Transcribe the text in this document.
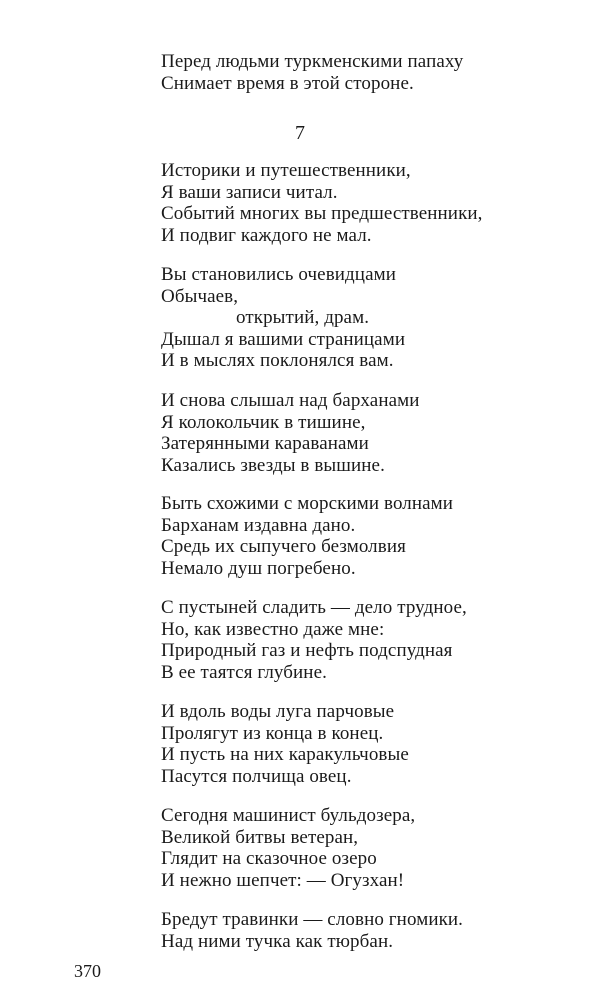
Перед людьми туркменскими папаху
Снимает время в этой стороне.
7
Историки и путешественники,
Я ваши записи читал.
Событий многих вы предшественники,
И подвиг каждого не мал.
Вы становились очевидцами
Обычаев,
открытий, драм.
Дышал я вашими страницами
И в мыслях поклонялся вам.
И снова слышал над барханами
Я колокольчик в тишине,
Затерянными караванами
Казались звезды в вышине.
Быть схожими с морскими волнами
Барханам издавна дано.
Средь их сыпучего безмолвия
Немало душ погребено.
С пустыней сладить — дело трудное,
Но, как известно даже мне:
Природный газ и нефть подспудная
В ее таятся глубине.
И вдоль воды луга парчовые
Пролягут из конца в конец.
И пусть на них каракульчовые
Пасутся полчища овец.
Сегодня машинист бульдозера,
Великой битвы ветеран,
Глядит на сказочное озеро
И нежно шепчет: — Огузхан!
Бредут травинки — словно гномики.
Над ними тучка как тюрбан.
370
